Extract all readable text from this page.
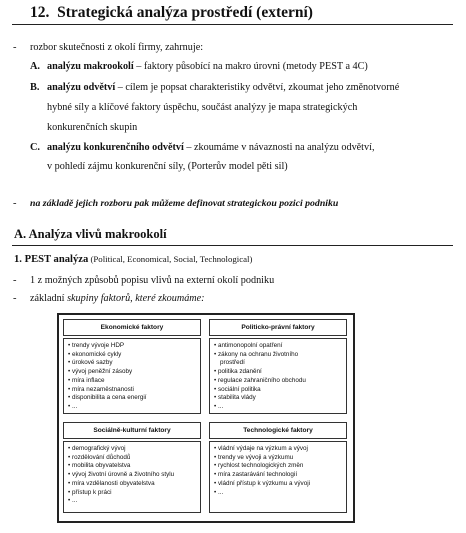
12. Strategická analýza prostředí (externí)
- rozbor skutečnosti z okolí firmy, zahrnuje:
A. analýzu makrookolí – faktory působící na makro úrovni (metody PEST a 4C)
B. analýzu odvětví – cílem je popsat charakteristiky odvětví, zkoumat jeho změnotvorné
hybné síly a klíčové faktory úspěchu, součást analýzy je mapa strategických
konkurenčních skupin
C. analýzu konkurenčního odvětví – zkoumáme v návaznosti na analýzu odvětví,
v pohledí zájmu konkurenční síly, (Porterův model pěti sil)
- na základě jejich rozboru pak můžeme definovat strategickou pozici podniku
A. Analýza vlivů makrookolí
1. PEST analýza (Political, Economical, Social, Technological)
- 1 z možných způsobů popisu vlivů na externí okolí podniku
- základní skupiny faktorů, které zkoumáme:
Ekonomické faktory
• trendy vývoje HDP
• ekonomické cykly
• úrokové sazby
• vývoj peněžní zásoby
• míra inflace
• míra nezaměstnanosti
• disponibilita a cena energií
• ...
Politicko-právní faktory
• antimonopolní opatření
• zákony na ochranu životního
prostředí
• politika zdanění
• regulace zahraničního obchodu
• sociální politika
• stabilita vlády
• ...
Sociálně-kulturní faktory
• demografický vývoj
• rozdělování důchodů
• mobilita obyvatelstva
• vývoj životní úrovně a životního stylu
• míra vzdělanosti obyvatelstva
• přístup k práci
• ...
Technologické faktory
• vládní výdaje na výzkum a vývoj
• trendy ve vývoji a výzkumu
• rychlost technologických změn
• míra zastarávání technologií
• vládní přístup k výzkumu a vývoji
• ...
